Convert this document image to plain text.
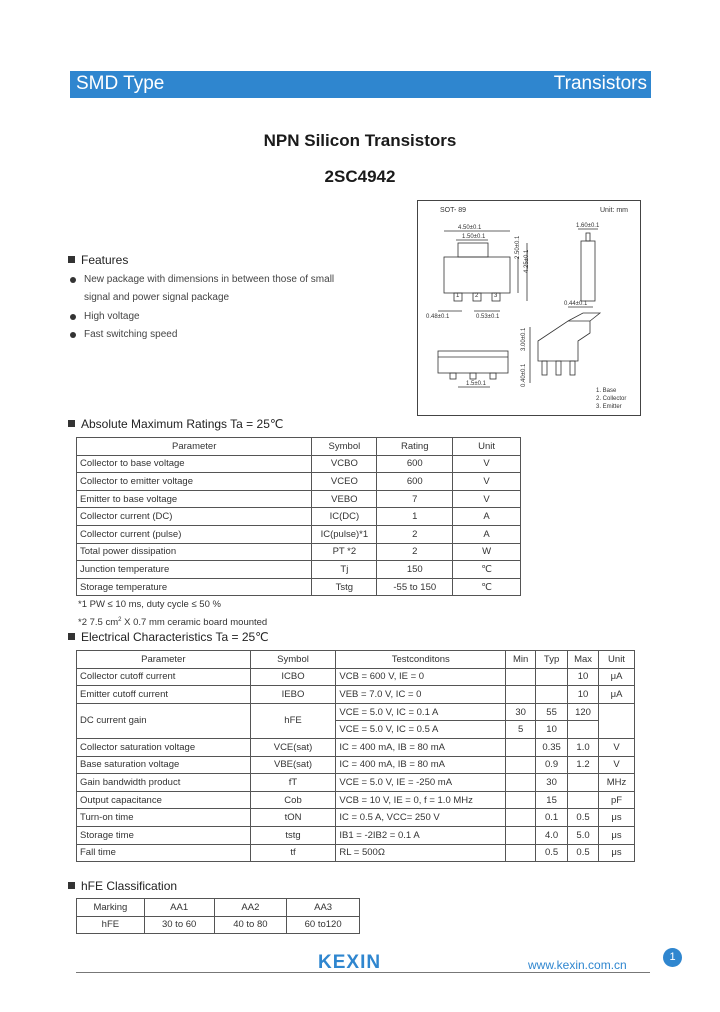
SMD Type	Transistors
NPN Silicon Transistors
2SC4942
Features
New package with dimensions in between those of small
signal and power signal package
High voltage
Fast switching speed
SOT- 89	Unit: mm
4.50±0.1
1.50±0.1	2.50±0.1
4.25±0.1
1	2	3
0.48±0.1	0.53±0.1
1.60±0.1
0.44±0.1
3.00±0.1
0.40±0.1
1.5±0.1
1. Base
2. Collector
3. Emitter
Absolute Maximum Ratings Ta = 25℃
Parameter	Symbol	Rating	Unit
Collector to base voltage	VCBO	600	V
Collector to emitter voltage	VCEO	600	V
Emitter to base voltage	VEBO	7	V
Collector current (DC)	IC(DC)	1	A
Collector current (pulse)	IC(pulse)*1	2	A
Total power dissipation	PT *2	2	W
Junction temperature	Tj	150	℃
Storage temperature	Tstg	-55 to 150	℃
*1 PW ≤ 10 ms, duty cycle ≤ 50 %
*2 7.5 $cm^2$ X 0.7 mm ceramic board mounted
Electrical Characteristics Ta = 25℃
Parameter	Symbol	Testconditons	Min	Typ	Max	Unit
Collector cutoff current	ICBO	VCB = 600 V, IE = 0			10	μA
Emitter cutoff current	IEBO	VEB = 7.0 V, IC = 0			10	μA
DC current gain	hFE	VCE = 5.0 V, IC = 0.1 A	30	55	120	
		VCE = 5.0 V, IC = 0.5 A	5	10		
Collector saturation voltage	VCE(sat)	IC = 400 mA, IB = 80 mA		0.35	1.0	V
Base saturation voltage	VBE(sat)	IC = 400 mA, IB = 80 mA		0.9	1.2	V
Gain bandwidth product	fT	VCE = 5.0 V, IE = -250 mA		30		MHz
Output capacitance	Cob	VCB = 10 V, IE = 0, f = 1.0 MHz		15		pF
Turn-on time	tON	IC = 0.5 A, VCC= 250 V		0.1	0.5	μs
Storage time	tstg	IB1 = -2IB2 = 0.1 A		4.0	5.0	μs
Fall time	tf	RL = 500Ω		0.5	0.5	μs
hFE Classification
Marking	AA1	AA2	AA3
hFE	30 to 60	40 to 80	60 to120
KEXIN	www.kexin.com.cn
1
